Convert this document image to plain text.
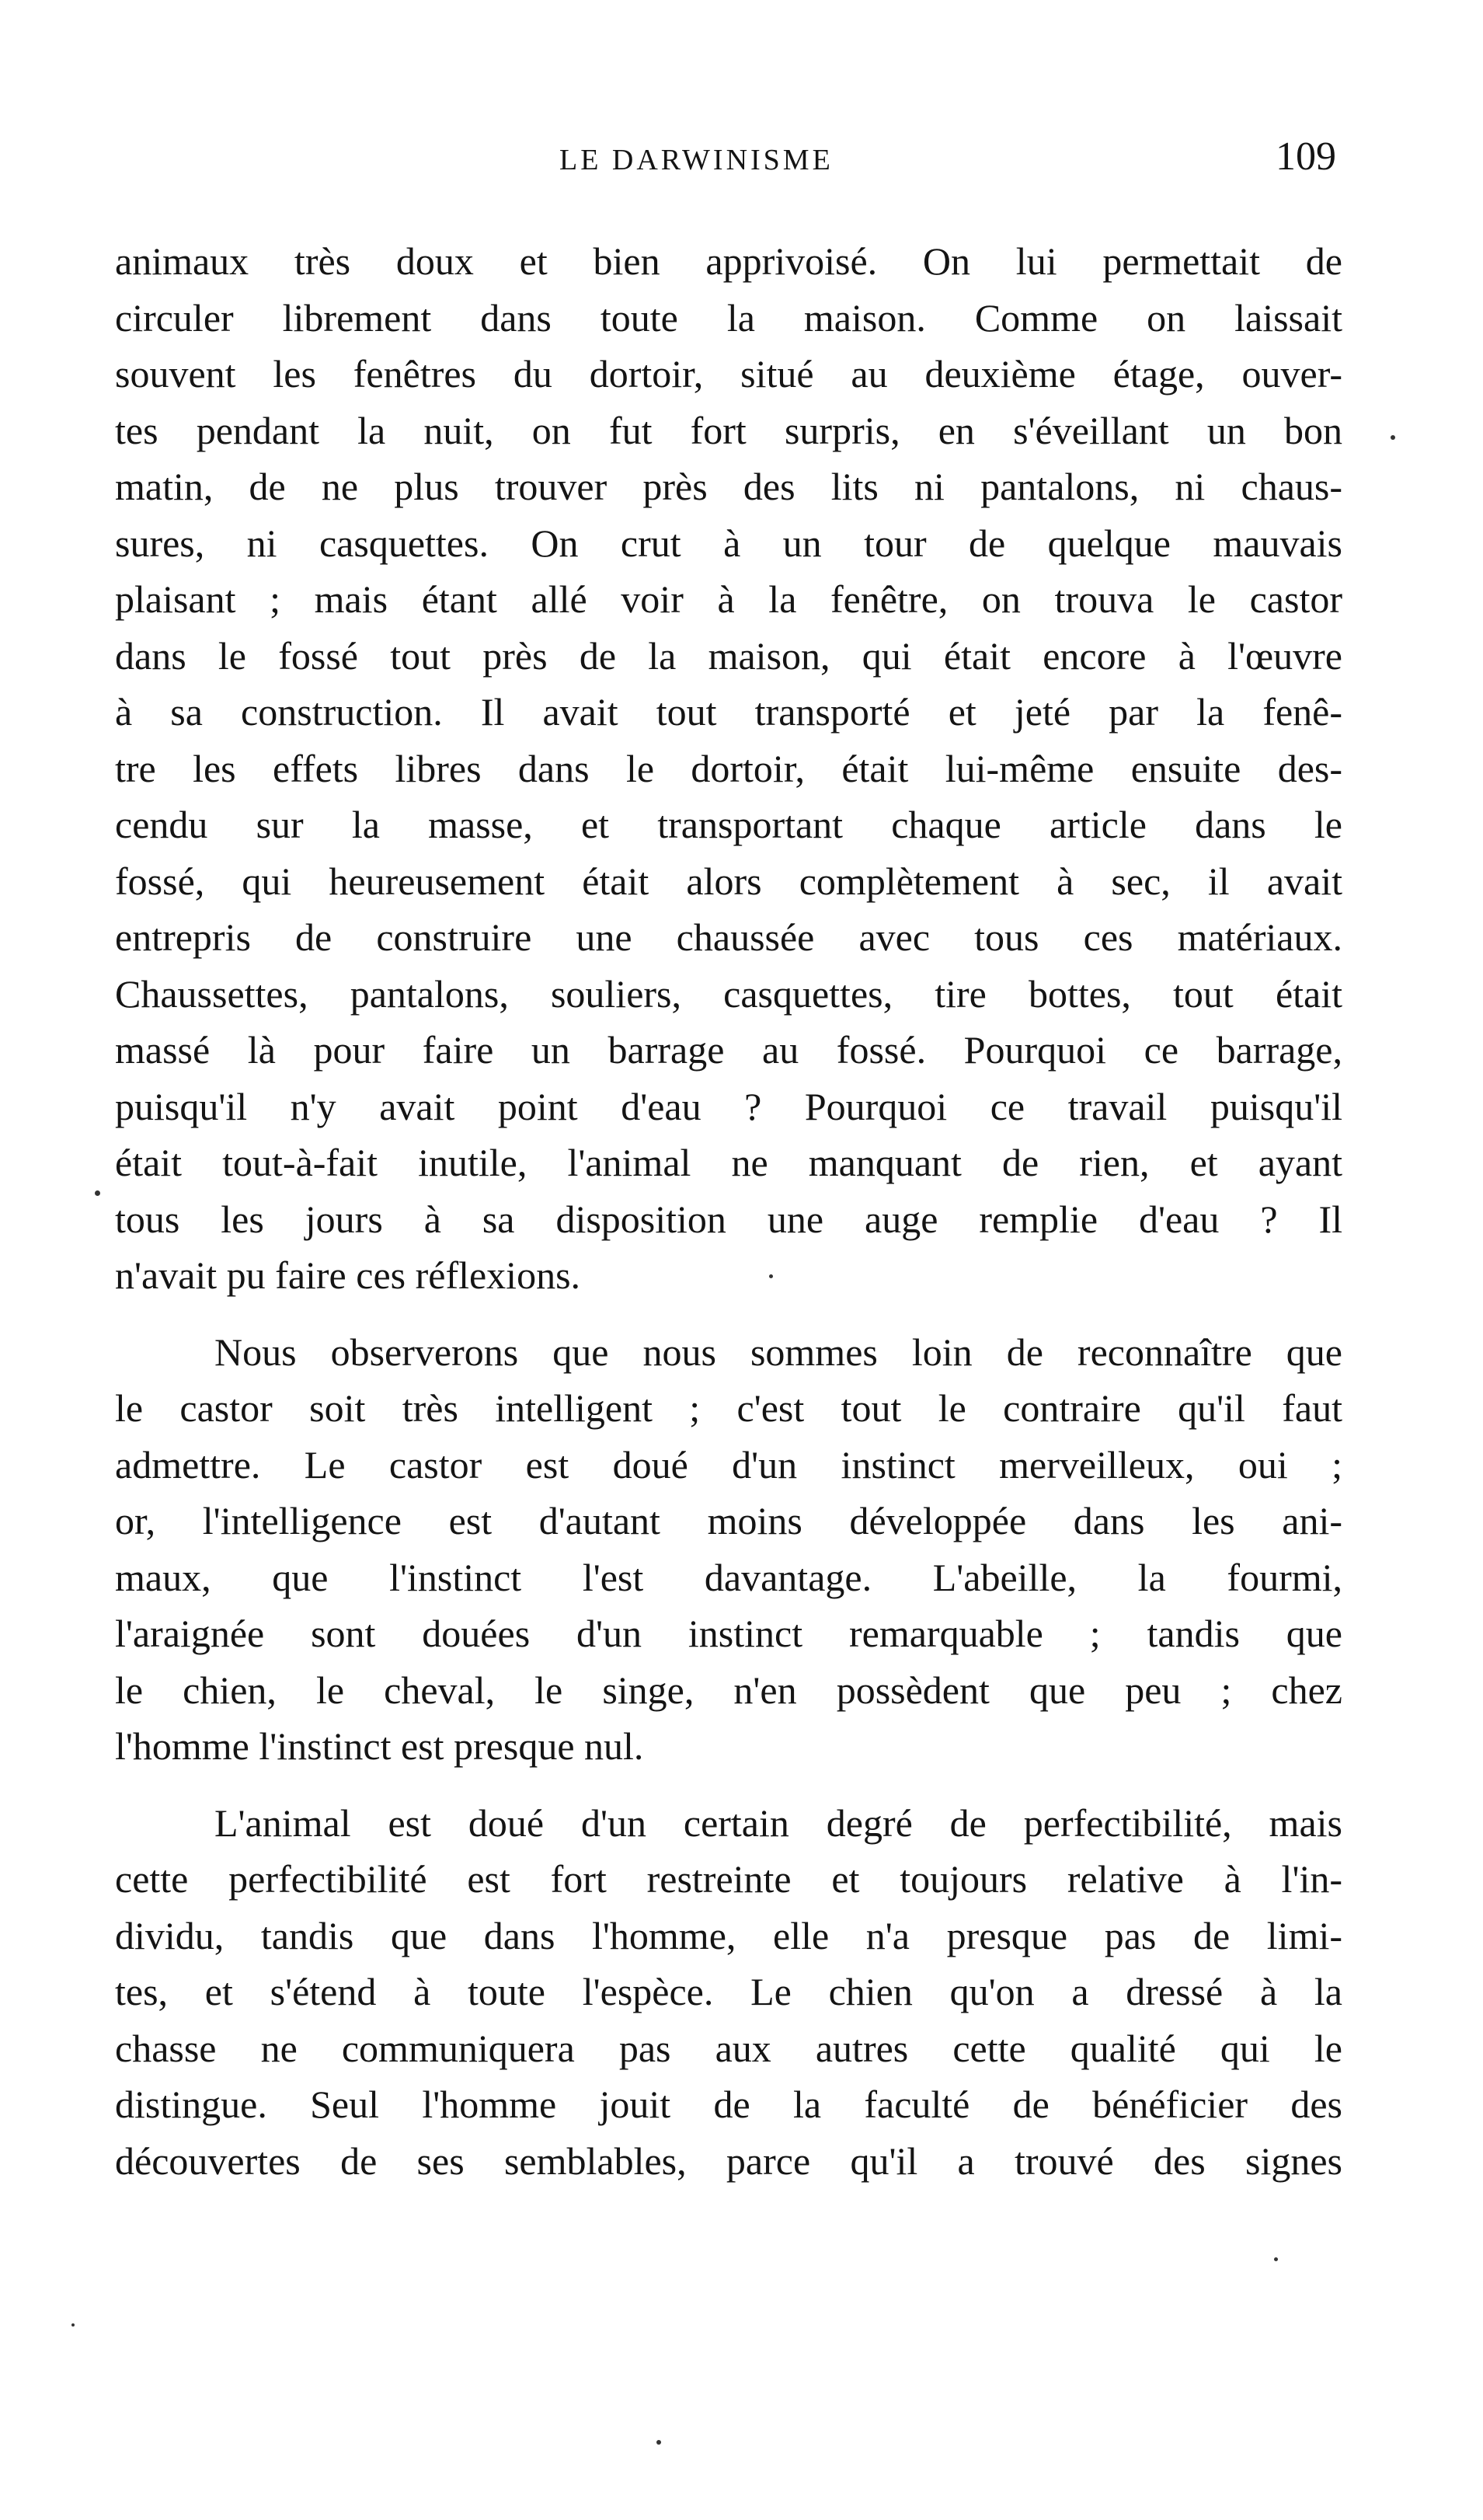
LE DARWINISME	109
animaux très doux et bien apprivoisé. On lui permettait de
circuler librement dans toute la maison. Comme on laissait
souvent les fenêtres du dortoir, situé au deuxième étage, ouver-
tes pendant la nuit, on fut fort surpris, en s'éveillant un bon
matin, de ne plus trouver près des lits ni pantalons, ni chaus-
sures, ni casquettes. On crut à un tour de quelque mauvais
plaisant ; mais étant allé voir à la fenêtre, on trouva le castor
dans le fossé tout près de la maison, qui était encore à l'œuvre
à sa construction. Il avait tout transporté et jeté par la fenê-
tre les effets libres dans le dortoir, était lui-même ensuite des-
cendu sur la masse, et transportant chaque article dans le
fossé, qui heureusement était alors complètement à sec, il avait
entrepris de construire une chaussée avec tous ces matériaux.
Chaussettes, pantalons, souliers, casquettes, tire bottes, tout était
massé là pour faire un barrage au fossé. Pourquoi ce barrage,
puisqu'il n'y avait point d'eau ? Pourquoi ce travail puisqu'il
était tout-à-fait inutile, l'animal ne manquant de rien, et ayant
tous les jours à sa disposition une auge remplie d'eau ? Il
n'avait pu faire ces réflexions.
Nous observerons que nous sommes loin de reconnaître que
le castor soit très intelligent ; c'est tout le contraire qu'il faut
admettre. Le castor est doué d'un instinct merveilleux, oui ;
or, l'intelligence est d'autant moins développée dans les ani-
maux, que l'instinct l'est davantage. L'abeille, la fourmi,
l'araignée sont douées d'un instinct remarquable ; tandis que
le chien, le cheval, le singe, n'en possèdent que peu ; chez
l'homme l'instinct est presque nul.
L'animal est doué d'un certain degré de perfectibilité, mais
cette perfectibilité est fort restreinte et toujours relative à l'in-
dividu, tandis que dans l'homme, elle n'a presque pas de limi-
tes, et s'étend à toute l'espèce. Le chien qu'on a dressé à la
chasse ne communiquera pas aux autres cette qualité qui le
distingue. Seul l'homme jouit de la faculté de bénéficier des
découvertes de ses semblables, parce qu'il a trouvé des signes
